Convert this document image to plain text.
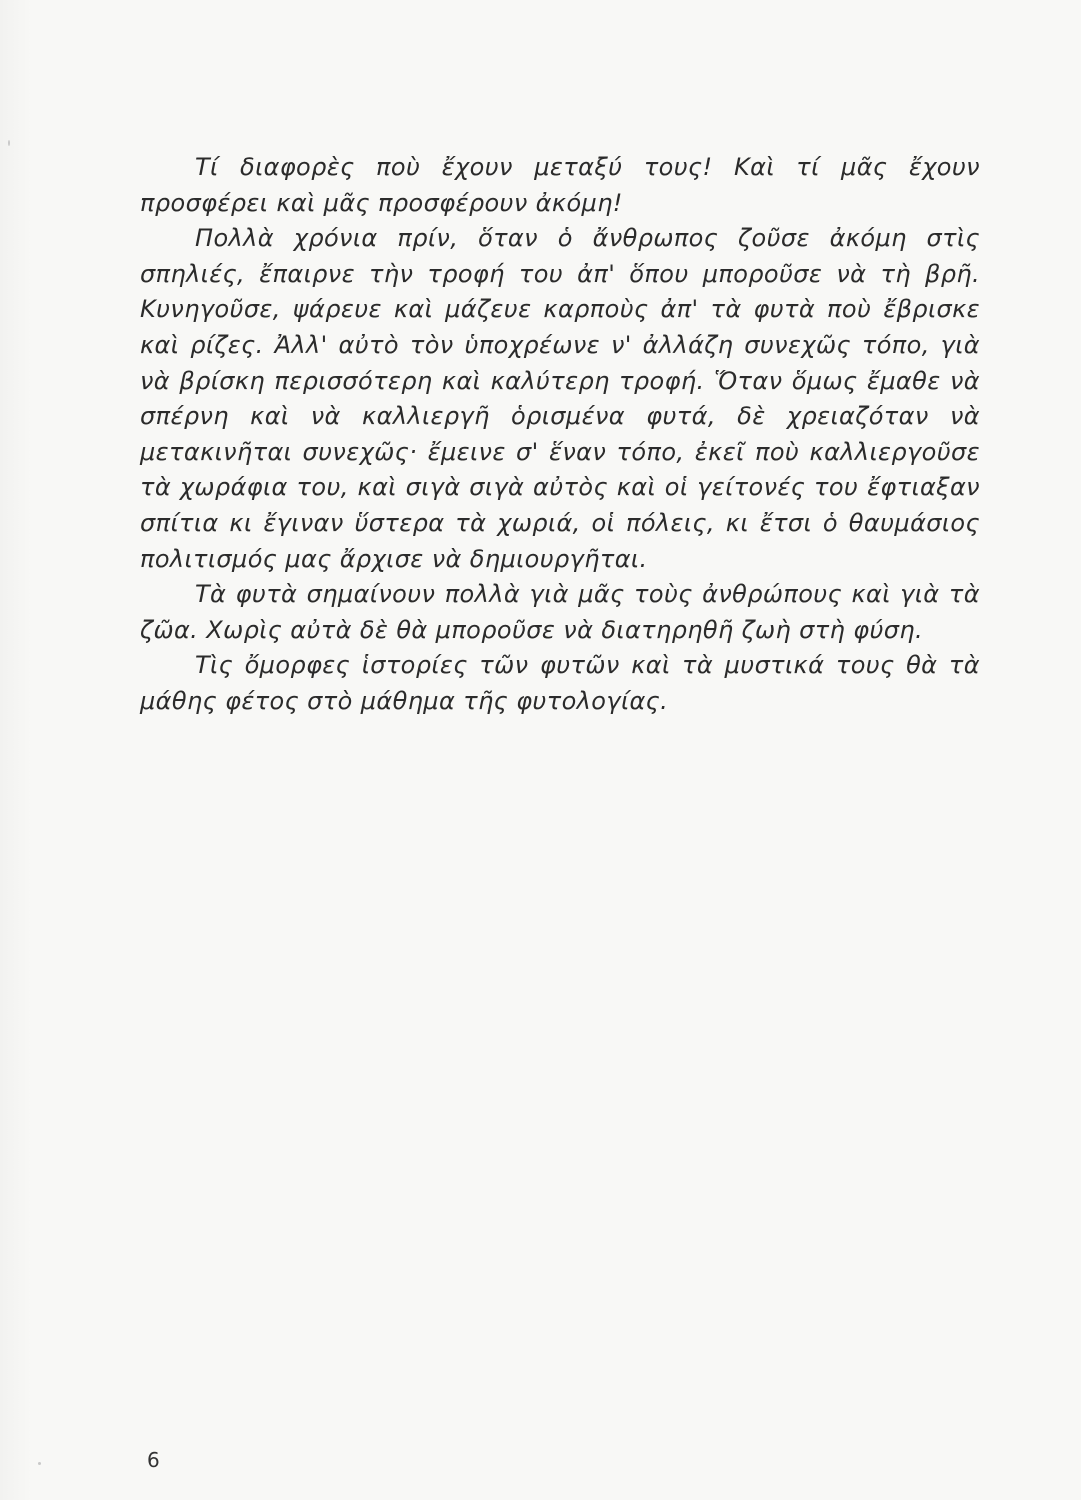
Τί διαφορὲς ποὺ ἔχουν μεταξύ τους! Καὶ τί μᾶς ἔχουν προσφέρει καὶ μᾶς προσφέρουν ἀκόμη!

Πολλὰ χρόνια πρίν, ὅταν ὁ ἄνθρωπος ζοῦσε ἀκόμη στὶς σπηλιές, ἔπαιρνε τὴν τροφή του ἀπ' ὅπου μποροῦσε νὰ τὴ βρῆ. Κυνηγοῦσε, ψάρευε καὶ μάζευε καρποὺς ἀπ' τὰ φυτὰ ποὺ ἔβρισκε καὶ ρίζες. Ἀλλ' αὐτὸ τὸν ὑποχρέωνε ν' ἀλλάζη συνεχῶς τόπο, γιὰ νὰ βρίσκη περισσότερη καὶ καλύτερη τροφή. Ὅταν ὅμως ἔμαθε νὰ σπέρνη καὶ νὰ καλλιεργῆ ὁρισμένα φυτά, δὲ χρειαζόταν νὰ μετακινῆται συνεχῶς· ἔμεινε σ' ἕναν τόπο, ἐκεῖ ποὺ καλλιεργοῦσε τὰ χωράφια του, καὶ σιγὰ σιγὰ αὐτὸς καὶ οἱ γείτονές του ἔφτιαξαν σπίτια κι ἔγιναν ὕστερα τὰ χωριά, οἱ πόλεις, κι ἔτσι ὁ θαυμάσιος πολιτισμός μας ἄρχισε νὰ δημιουργῆται.

Τὰ φυτὰ σημαίνουν πολλὰ γιὰ μᾶς τοὺς ἀνθρώπους καὶ γιὰ τὰ ζῶα. Χωρὶς αὐτὰ δὲ θὰ μποροῦσε νὰ διατηρηθῆ ζωὴ στὴ φύση.

Τὶς ὄμορφες ἱστορίες τῶν φυτῶν καὶ τὰ μυστικά τους θὰ τὰ μάθης φέτος στὸ μάθημα τῆς φυτολογίας.

6
